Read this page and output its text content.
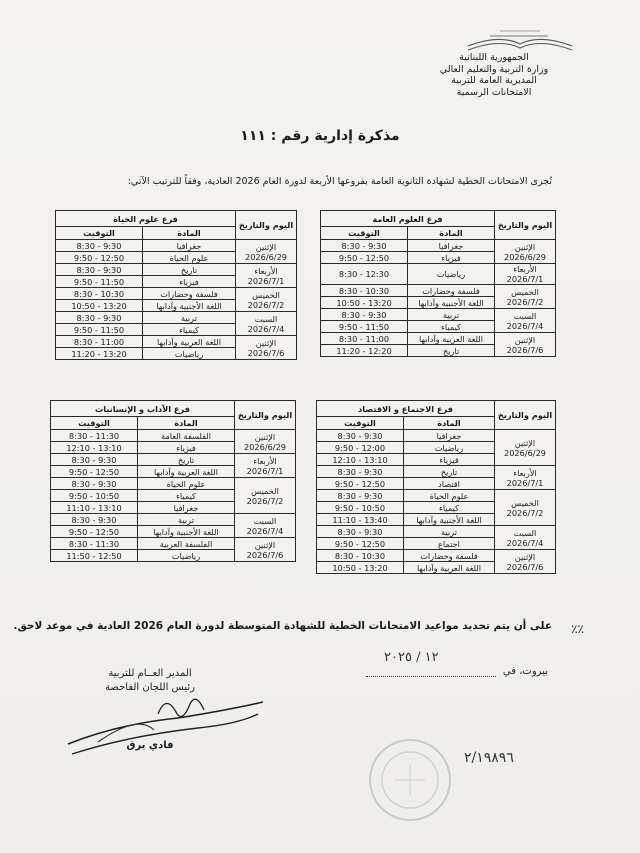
الجمهورية اللبنانية
وزارة التربية والتعليم العالي
المديرية العامة للتربية
الامتحانات الرسمية
مذكرة إدارية رقم : ١١١
تُجرى الامتحانات الخطية لشهادة الثانوية العامة بفروعها الأربعة لدورة العام 2026 العادية، وفقاً للترتيب الآتي:
اليوم والتاريخ	فرع العلوم العامة	
	المادة	التوقيت

الإثنين
2026/6/29	جغرافيا	8:30 - 9:30
	فيزياء	9:50 - 12:50

الأربعاء
2026/7/1	رياضيات	8:30 - 12:30

الخميس
2026/7/2	فلسفة وحضارات	8:30 - 10:30
	اللغة الأجنبية وآدابها	10:50 - 13:20

السبت
2026/7/4	تربية	8:30 - 9:30
	كيمياء	9:50 - 11:50

الإثنين
2026/7/6	اللغة العربية وآدابها	8:30 - 11:00
	تاريخ	11:20 - 12:20
اليوم والتاريخ	فرع علوم الحياة	
	المادة	التوقيت

الإثنين
2026/6/29	جغرافيا	8:30 - 9:30
	علوم الحياة	9:50 - 12:50

الأربعاء
2026/7/1	تاريخ	8:30 - 9:30
	فيزياء	9:50 - 11:50

الخميس
2026/7/2	فلسفة وحضارات	8:30 - 10:30
	اللغة الأجنبية وآدابها	10:50 - 13:20

السبت
2026/7/4	تربية	8:30 - 9:30
	كيمياء	9:50 - 11:50

الإثنين
2026/7/6	اللغة العربية وآدابها	8:30 - 11:00
	رياضيات	11:20 - 13:20
اليوم والتاريخ	فرع الاجتماع و الاقتصاد	
	المادة	التوقيت

الإثنين
2026/6/29	جغرافيا	8:30 - 9:30
	رياضيات	9:50 - 12:00
	فيزياء	12:10 - 13:10

الأربعاء
2026/7/1	تاريخ	8:30 - 9:30
	اقتصاد	9:50 - 12:50

الخميس
2026/7/2	علوم الحياة	8:30 - 9:30
	كيمياء	9:50 - 10:50
	اللغة الأجنبية وآدابها	11:10 - 13:40

السبت
2026/7/4	تربية	8:30 - 9:30
	اجتماع	9:50 - 12:50

الإثنين
2026/7/6	فلسفة وحضارات	8:30 - 10:30
	اللغة العربية وآدابها	10:50 - 13:20
اليوم والتاريخ	فرع الآداب و الإنسانيات	
	المادة	التوقيت

الإثنين
2026/6/29	الفلسفة العامة	8:30 - 11:30
	فيزياء	12:10 - 13:10

الأربعاء
2026/7/1	تاريخ	8:30 - 9:30
	اللغة العربية وآدابها	9:50 - 12:50

الخميس
2026/7/2	علوم الحياة	8:30 - 9:30
	كيمياء	9:50 - 10:50
	جغرافيا	11:10 - 13:10

السبت
2026/7/4	تربية	8:30 - 9:30
	اللغة الأجنبية وآدابها	9:50 - 12:50

الإثنين
2026/7/6	الفلسفة العربية	8:30 - 11:30
	رياضيات	11:50 - 12:50
٪٪
على أن يتم تحديد مواعيد الامتحانات الخطية للشهادة المتوسطة لدورة العام 2026 العادية في موعد لاحق.
بيروت، في
١٢ / ٢٠٢٥
المدير العــام للتربية
رئيس اللجان الفاحصة
فادي يرق
٢/١٩٨٩٦
